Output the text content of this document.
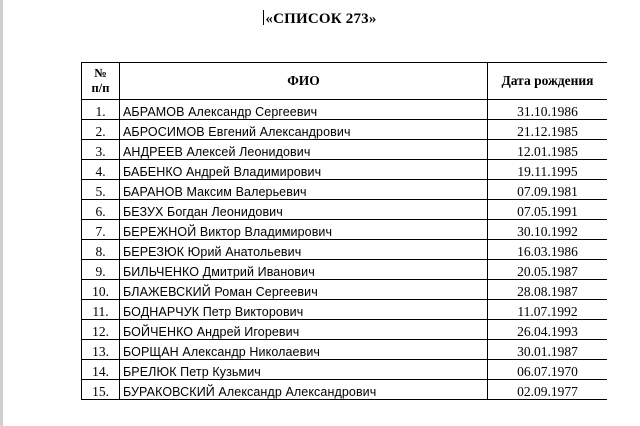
«СПИСОК 273»
№
п/п	ФИО	Дата рождения
1.	АБРАМОВ Александр Сергеевич	31.10.1986
2.	АБРОСИМОВ Евгений Александрович	21.12.1985
3.	АНДРЕЕВ Алексей Леонидович	12.01.1985
4.	БАБЕНКО Андрей Владимирович	19.11.1995
5.	БАРАНОВ Максим Валерьевич	07.09.1981
6.	БЕЗУХ Богдан Леонидович	07.05.1991
7.	БЕРЕЖНОЙ Виктор Владимирович	30.10.1992
8.	БЕРЕЗЮК Юрий Анатольевич	16.03.1986
9.	БИЛЬЧЕНКО Дмитрий Иванович	20.05.1987
10.	БЛАЖЕВСКИЙ Роман Сергеевич	28.08.1987
11.	БОДНАРЧУК Петр Викторович	11.07.1992
12.	БОЙЧЕНКО Андрей Игоревич	26.04.1993
13.	БОРЩАН Александр Николаевич	30.01.1987
14.	БРЕЛЮК Петр Кузьмич	06.07.1970
15.	БУРАКОВСКИЙ Александр Александрович	02.09.1977
